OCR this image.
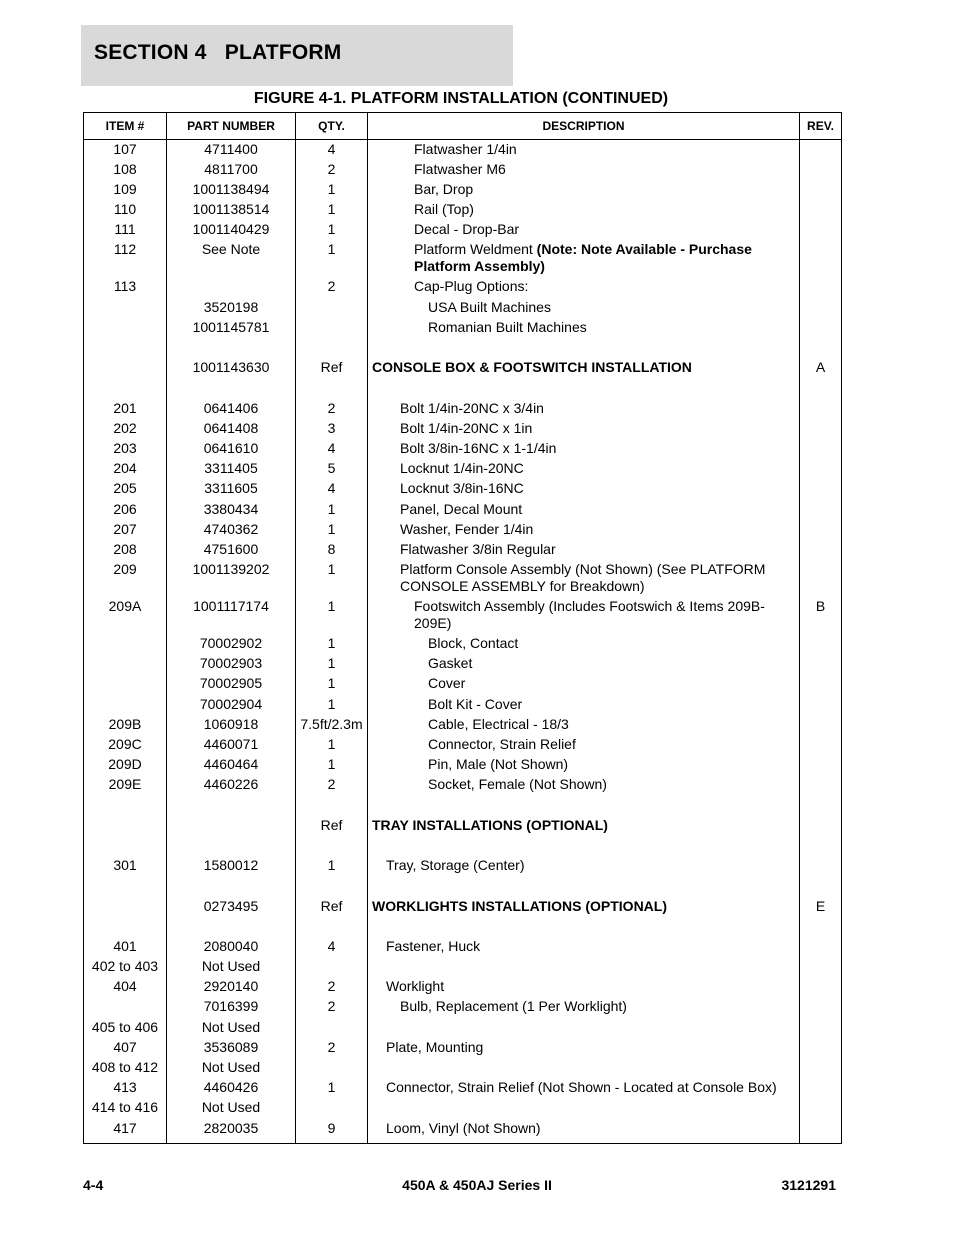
SECTION 4   PLATFORM
FIGURE 4-1. PLATFORM INSTALLATION (CONTINUED)
ITEM #	PART NUMBER	QTY.	DESCRIPTION	REV.
107	4711400	4	Flatwasher 1/4in	

108	4811700	2	Flatwasher M6	

109	1001138494	1	Bar, Drop	

110	1001138514	1	Rail (Top)	

111	1001140429	1	Decal - Drop-Bar	

112	See Note	1	Platform Weldment (Note: Note Available - Purchase Platform Assembly)	

113		2	Cap-Plug Options:	

	3520198		USA Built Machines	

	1001145781		Romanian Built Machines	

	1001143630	Ref	CONSOLE BOX & FOOTSWITCH INSTALLATION	A

201	0641406	2	Bolt 1/4in-20NC x 3/4in	

202	0641408	3	Bolt 1/4in-20NC x 1in	

203	0641610	4	Bolt 3/8in-16NC x 1-1/4in	

204	3311405	5	Locknut 1/4in-20NC	

205	3311605	4	Locknut 3/8in-16NC	

206	3380434	1	Panel, Decal Mount	

207	4740362	1	Washer, Fender 1/4in	

208	4751600	8	Flatwasher 3/8in Regular	

209	1001139202	1	Platform Console Assembly (Not Shown) (See PLATFORM CONSOLE ASSEMBLY for Breakdown)	

209A	1001117174	1	Footswitch Assembly (Includes Footswich & Items 209B-209E)	B
	70002902	1	Block, Contact	

	70002903	1	Gasket	

	70002905	1	Cover	

	70002904	1	Bolt Kit - Cover	

209B	1060918	7.5ft/2.3m	Cable, Electrical - 18/3	

209C	4460071	1	Connector, Strain Relief	

209D	4460464	1	Pin, Male (Not Shown)	

209E	4460226	2	Socket, Female (Not Shown)	

		Ref	TRAY INSTALLATIONS (OPTIONAL)	

301	1580012	1	Tray, Storage (Center)	

	0273495	Ref	WORKLIGHTS INSTALLATIONS (OPTIONAL)	E

401	2080040	4	Fastener, Huck	

402 to 403	Not Used		

404	2920140	2	Worklight	

	7016399	2	Bulb, Replacement (1 Per Worklight)	

405 to 406	Not Used		

407	3536089	2	Plate, Mounting	

408 to 412	Not Used		

413	4460426	1	Connector, Strain Relief (Not Shown - Located at Console Box)	

414 to 416	Not Used		

417	2820035	9	Loom, Vinyl (Not Shown)	

4-4	450A & 450AJ Series II	3121291
